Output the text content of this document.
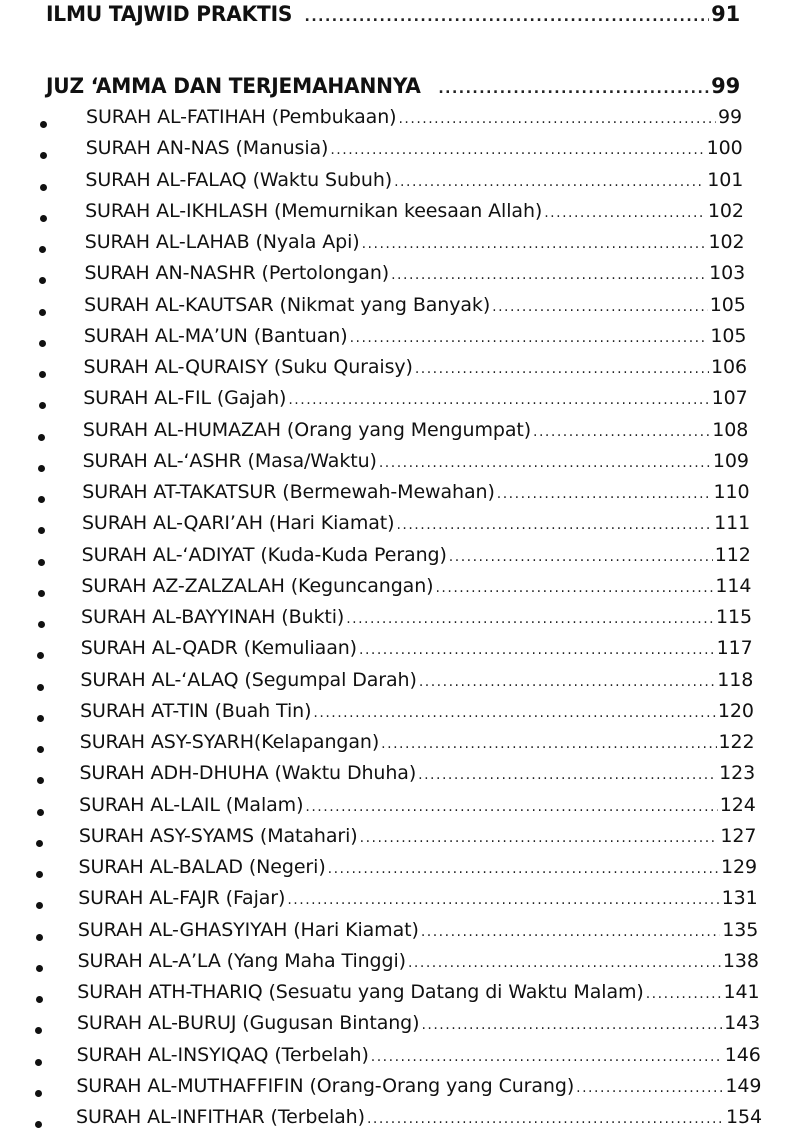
ILMU TAJWID PRAKTIS .....	91
JUZ ‘AMMA DAN TERJEMAHANNYA .....	99
SURAH AL-FATIHAH (Pembukaan) .....	99
SURAH AN-NAS (Manusia) .....	100
SURAH AL-FALAQ (Waktu Subuh) .....	101
SURAH AL-IKHLASH (Memurnikan keesaan Allah) .....	102
SURAH AL-LAHAB (Nyala Api) .....	102
SURAH AN-NASHR (Pertolongan) .....	103
SURAH AL-KAUTSAR (Nikmat yang Banyak) .....	105
SURAH AL-MA’UN (Bantuan) .....	105
SURAH AL-QURAISY (Suku Quraisy) .....	106
SURAH AL-FIL (Gajah) .....	107
SURAH AL-HUMAZAH (Orang yang Mengumpat) .....	108
SURAH AL-‘ASHR (Masa/Waktu) .....	109
SURAH AT-TAKATSUR (Bermewah-Mewahan) .....	110
SURAH AL-QARI’AH (Hari Kiamat) .....	111
SURAH AL-‘ADIYAT (Kuda-Kuda Perang) .....	112
SURAH AZ-ZALZALAH (Keguncangan) .....	114
SURAH AL-BAYYINAH (Bukti) .....	115
SURAH AL-QADR (Kemuliaan) .....	117
SURAH AL-‘ALAQ (Segumpal Darah) .....	118
SURAH AT-TIN (Buah Tin) .....	120
SURAH ASY-SYARH(Kelapangan) .....	122
SURAH ADH-DHUHA (Waktu Dhuha) .....	123
SURAH AL-LAIL (Malam) .....	124
SURAH ASY-SYAMS (Matahari) .....	127
SURAH AL-BALAD (Negeri) .....	129
SURAH AL-FAJR (Fajar) .....	131
SURAH AL-GHASYIYAH (Hari Kiamat) .....	135
SURAH AL-A’LA (Yang Maha Tinggi) .....	138
SURAH ATH-THARIQ (Sesuatu yang Datang di Waktu Malam) .....	141
SURAH AL-BURUJ (Gugusan Bintang) .....	143
SURAH AL-INSYIQAQ (Terbelah) .....	146
SURAH AL-MUTHAFFIFIN (Orang-Orang yang Curang) .....	149
SURAH AL-INFITHAR (Terbelah) .....	154
